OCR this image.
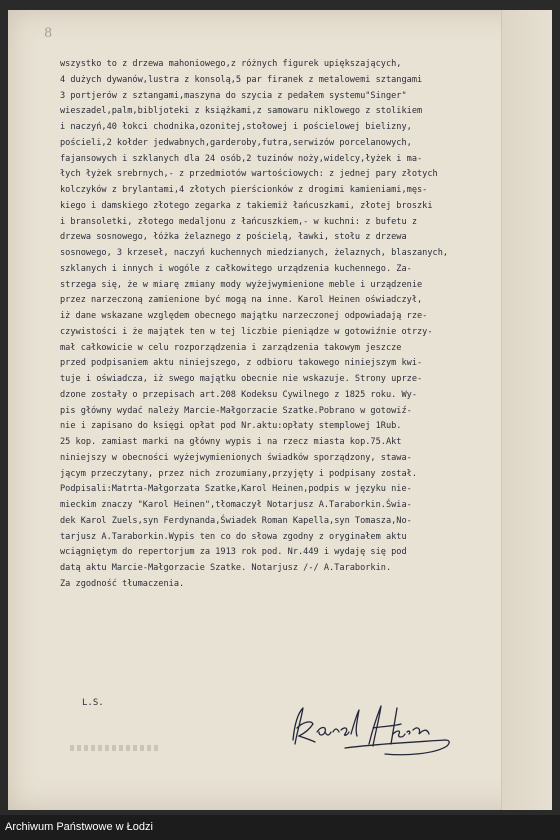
8
wszystko to z drzewa mahoniowego,z różnych figurek upiększających,
4 dużych dywanów,lustra z konsolą,5 par firanek z metalowemi sztangami
3 portjerów z sztangami,maszyna do szycia z pedałem systemu"Singer"
wieszadel,palm,bibljoteki z książkami,z samowaru niklowego z stolikiem
i naczyń,40 łokci chodnika,ozonitej,stołowej i pościelowej bielizny,
pościeli,2 kołder jedwabnych,garderoby,futra,serwizów porcelanowych,
fajansowych i szklanych dla 24 osób,2 tuzinów noży,widelcy,łyżek i ma-
łych łyżek srebrnych,- z przedmiotów wartościowych: z jednej pary złotych
kolczyków z brylantami,4 złotych pierścionków z drogimi kamieniami,męs-
kiego i damskiego złotego zegarka z takiemiż łańcuszkami, złotej broszki
i bransoletki, złotego medaljonu z łańcuszkiem,- w kuchni: z bufetu z
drzewa sosnowego, łóżka żelaznego z pościelą, ławki, stołu z drzewa
sosnowego, 3 krzeseł, naczyń kuchennych miedzianych, żelaznych, blaszanych,
szklanych i innych i wogóle z całkowitego urządzenia kuchennego. Za-
strzega się, że w miarę zmiany mody wyżejwymienione meble i urządzenie
przez narzeczoną zamienione być mogą na inne. Karol Heinen oświadczył,
iż dane wskazane względem obecnego majątku narzeczonej odpowiadają rze-
czywistości i że majątek ten w tej liczbie pieniądze w gotowiźnie otrzy-
mał całkowicie w celu rozporządzenia i zarządzenia takowym jeszcze
przed podpisaniem aktu niniejszego, z odbioru takowego niniejszym kwi-
tuje i oświadcza, iż swego majątku obecnie nie wskazuje. Strony uprze-
dzone zostały o przepisach art.208 Kodeksu Cywilnego z 1825 roku. Wy-
pis główny wydać należy Marcie-Małgorzacie Szatke.Pobrano w gotowiź-
nie i zapisano do księgi opłat pod Nr.aktu:opłaty stemplowej 1Rub.
25 kop. zamiast marki na główny wypis i na rzecz miasta kop.75.Akt
niniejszy w obecności wyżejwymienionych świadków sporządzony, stawa-
jącym przeczytany, przez nich zrozumiany,przyjęty i podpisany został.
Podpisali:Matrta-Małgorzata Szatke,Karol Heinen,podpis w języku nie-
mieckim znaczy "Karol Heinen",tłomaczył Notarjusz A.Taraborkin.Świa-
dek Karol Zuels,syn Ferdynanda,Świadek Roman Kapella,syn Tomasza,No-
tarjusz A.Taraborkin.Wypis ten co do słowa zgodny z oryginałem aktu
wciągniętym do repertorjum za 1913 rok pod. Nr.449 i wydaję się pod
datą aktu Marcie-Małgorzacie Szatke. Notarjusz /-/ A.Taraborkin.
Za zgodność tłumaczenia.
L.S.
Archiwum Państwowe w Łodzi
